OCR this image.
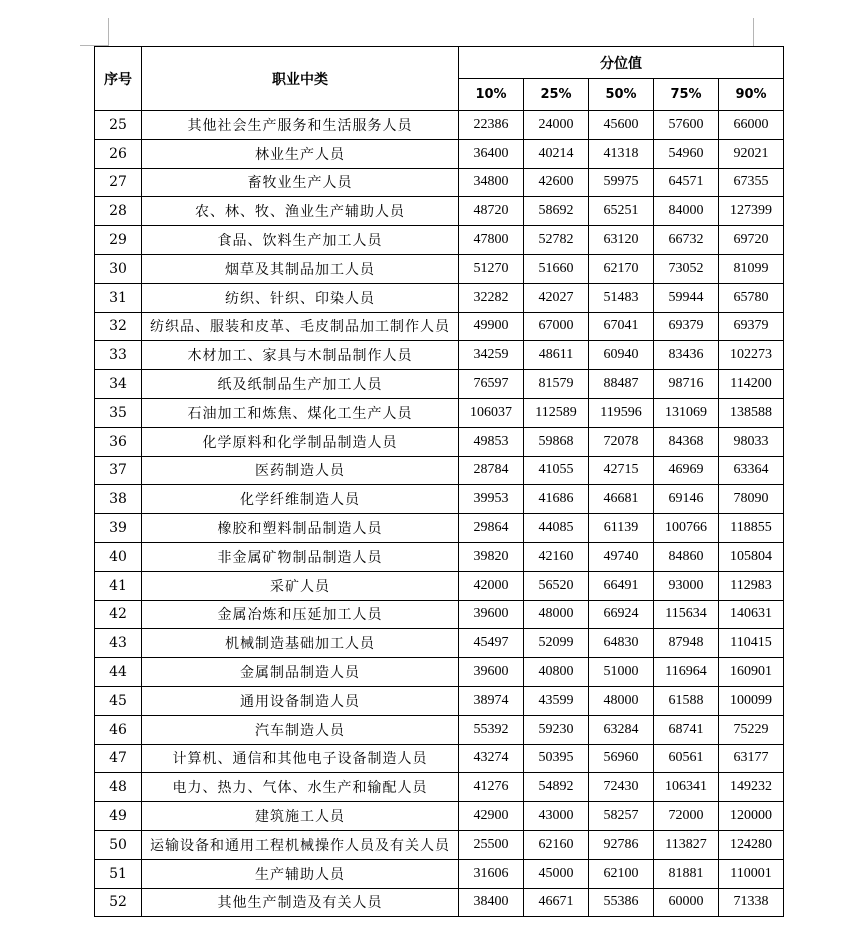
序号	职业中类	分位值				
		10%	25%	50%	75%	90%
25	其他社会生产服务和生活服务人员	22386	24000	45600	57600	66000
26	林业生产人员	36400	40214	41318	54960	92021
27	畜牧业生产人员	34800	42600	59975	64571	67355
28	农、林、牧、渔业生产辅助人员	48720	58692	65251	84000	127399
29	食品、饮料生产加工人员	47800	52782	63120	66732	69720
30	烟草及其制品加工人员	51270	51660	62170	73052	81099
31	纺织、针织、印染人员	32282	42027	51483	59944	65780
32	纺织品、服装和皮革、毛皮制品加工制作人员	49900	67000	67041	69379	69379
33	木材加工、家具与木制品制作人员	34259	48611	60940	83436	102273
34	纸及纸制品生产加工人员	76597	81579	88487	98716	114200
35	石油加工和炼焦、煤化工生产人员	106037	112589	119596	131069	138588
36	化学原料和化学制品制造人员	49853	59868	72078	84368	98033
37	医药制造人员	28784	41055	42715	46969	63364
38	化学纤维制造人员	39953	41686	46681	69146	78090
39	橡胶和塑料制品制造人员	29864	44085	61139	100766	118855
40	非金属矿物制品制造人员	39820	42160	49740	84860	105804
41	采矿人员	42000	56520	66491	93000	112983
42	金属冶炼和压延加工人员	39600	48000	66924	115634	140631
43	机械制造基础加工人员	45497	52099	64830	87948	110415
44	金属制品制造人员	39600	40800	51000	116964	160901
45	通用设备制造人员	38974	43599	48000	61588	100099
46	汽车制造人员	55392	59230	63284	68741	75229
47	计算机、通信和其他电子设备制造人员	43274	50395	56960	60561	63177
48	电力、热力、气体、水生产和输配人员	41276	54892	72430	106341	149232
49	建筑施工人员	42900	43000	58257	72000	120000
50	运输设备和通用工程机械操作人员及有关人员	25500	62160	92786	113827	124280
51	生产辅助人员	31606	45000	62100	81881	110001
52	其他生产制造及有关人员	38400	46671	55386	60000	71338
